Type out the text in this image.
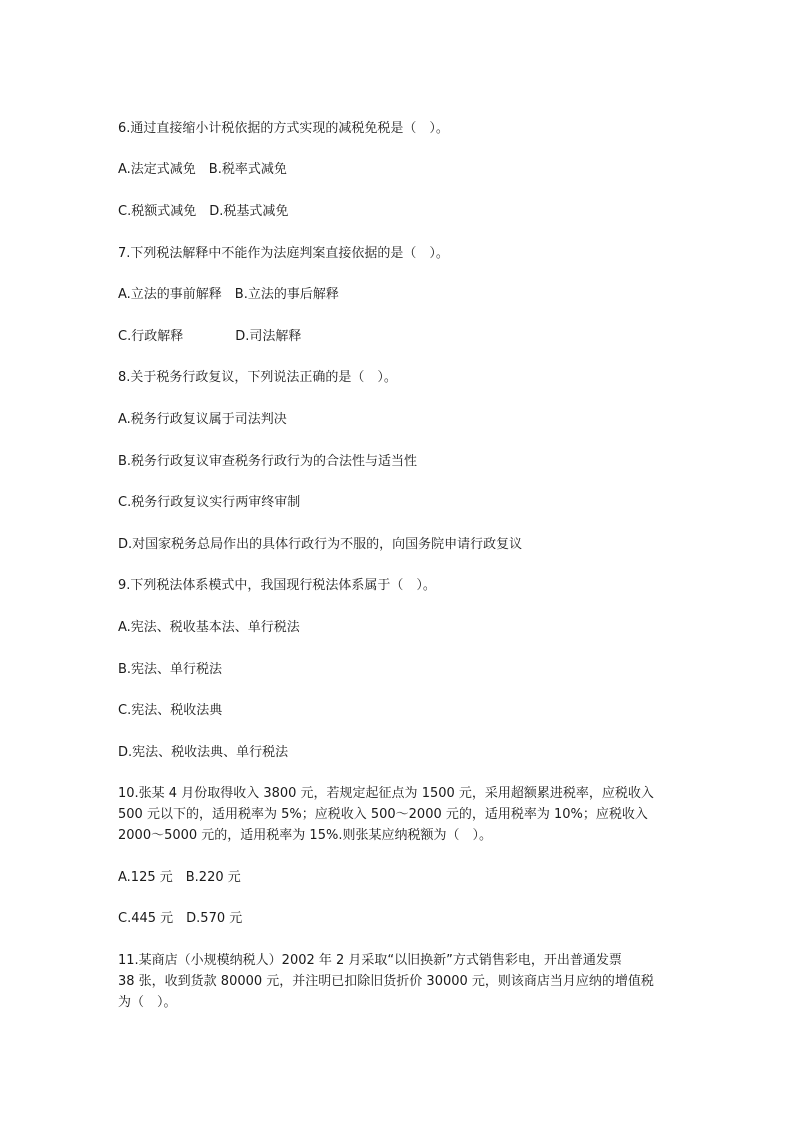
6.通过直接缩小计税依据的方式实现的减税免税是（　）。
A.法定式减免　B.税率式减免
C.税额式减免　D.税基式减免
7.下列税法解释中不能作为法庭判案直接依据的是（　）。
A.立法的事前解释　B.立法的事后解释
C.行政解释　　　　D.司法解释
8.关于税务行政复议，下列说法正确的是（　）。
A.税务行政复议属于司法判决
B.税务行政复议审查税务行政行为的合法性与适当性
C.税务行政复议实行两审终审制
D.对国家税务总局作出的具体行政行为不服的，向国务院申请行政复议
9.下列税法体系模式中，我国现行税法体系属于（　）。
A.宪法、税收基本法、单行税法
B.宪法、单行税法
C.宪法、税收法典
D.宪法、税收法典、单行税法
10.张某 4 月份取得收入 3800 元，若规定起征点为 1500 元，采用超额累进税率，应税收入
500 元以下的，适用税率为 5%；应税收入 500～2000 元的，适用税率为 10%；应税收入
2000～5000 元的，适用税率为 15%.则张某应纳税额为（　）。
A.125 元　B.220 元
C.445 元　D.570 元
11.某商店（小规模纳税人）2002 年 2 月采取“以旧换新”方式销售彩电，开出普通发票
38 张，收到货款 80000 元，并注明已扣除旧货折价 30000 元，则该商店当月应纳的增值税
为（　）。
